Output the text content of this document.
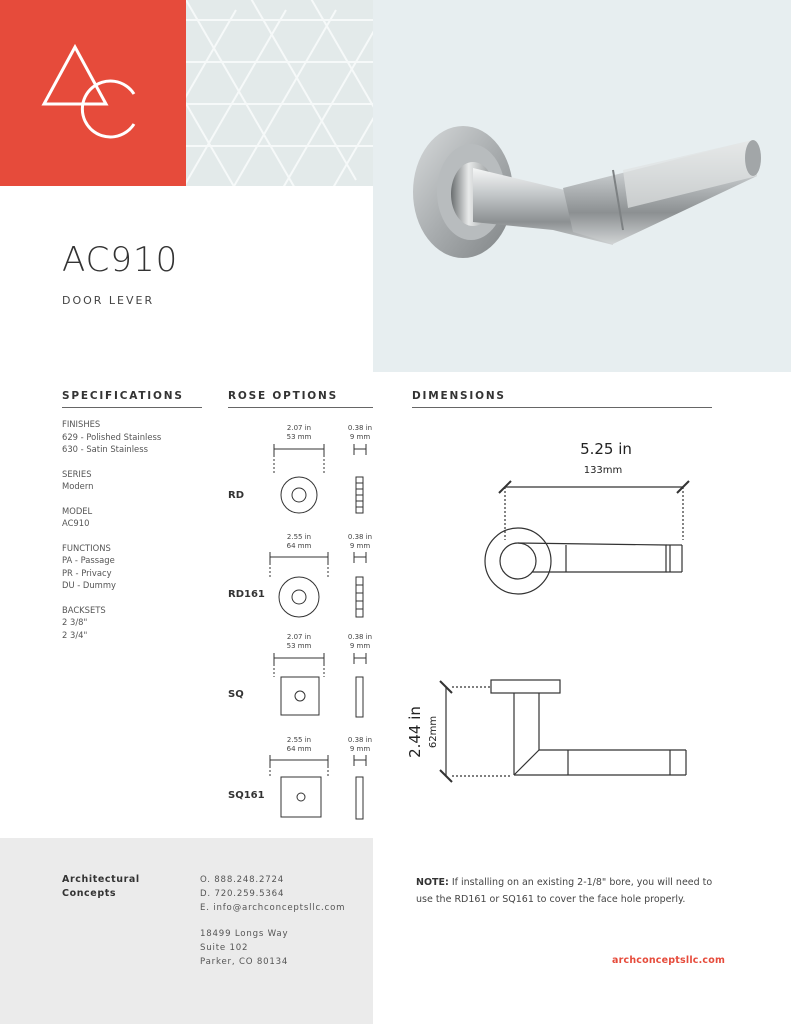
AC910
DOOR LEVER
SPECIFICATIONS	ROSE OPTIONS	DIMENSIONS
FINISHES
629 - Polished Stainless
630 - Satin Stainless
SERIES
Modern
MODEL
AC910
FUNCTIONS
PA - Passage
PR - Privacy
DU - Dummy
BACKSETS
2 3/8"
2 3/4"
2.07 in
53 mm
0.38 in
9 mm
2.55 in
64 mm
0.38 in
9 mm
2.07 in
53 mm
0.38 in
9 mm
2.55 in
64 mm
0.38 in
9 mm
RD
RD161
SQ
SQ161
5.25 in
133mm
2.44 in 62mm
Architectural
Concepts
O. 888.248.2724
D. 720.259.5364
E. info@archconceptsllc.com
18499 Longs Way
Suite 102
Parker, CO 80134
NOTE: If installing on an existing 2-1/8" bore, you will need to use the RD161 or SQ161 to cover the face hole properly.
archconceptsllc.com
